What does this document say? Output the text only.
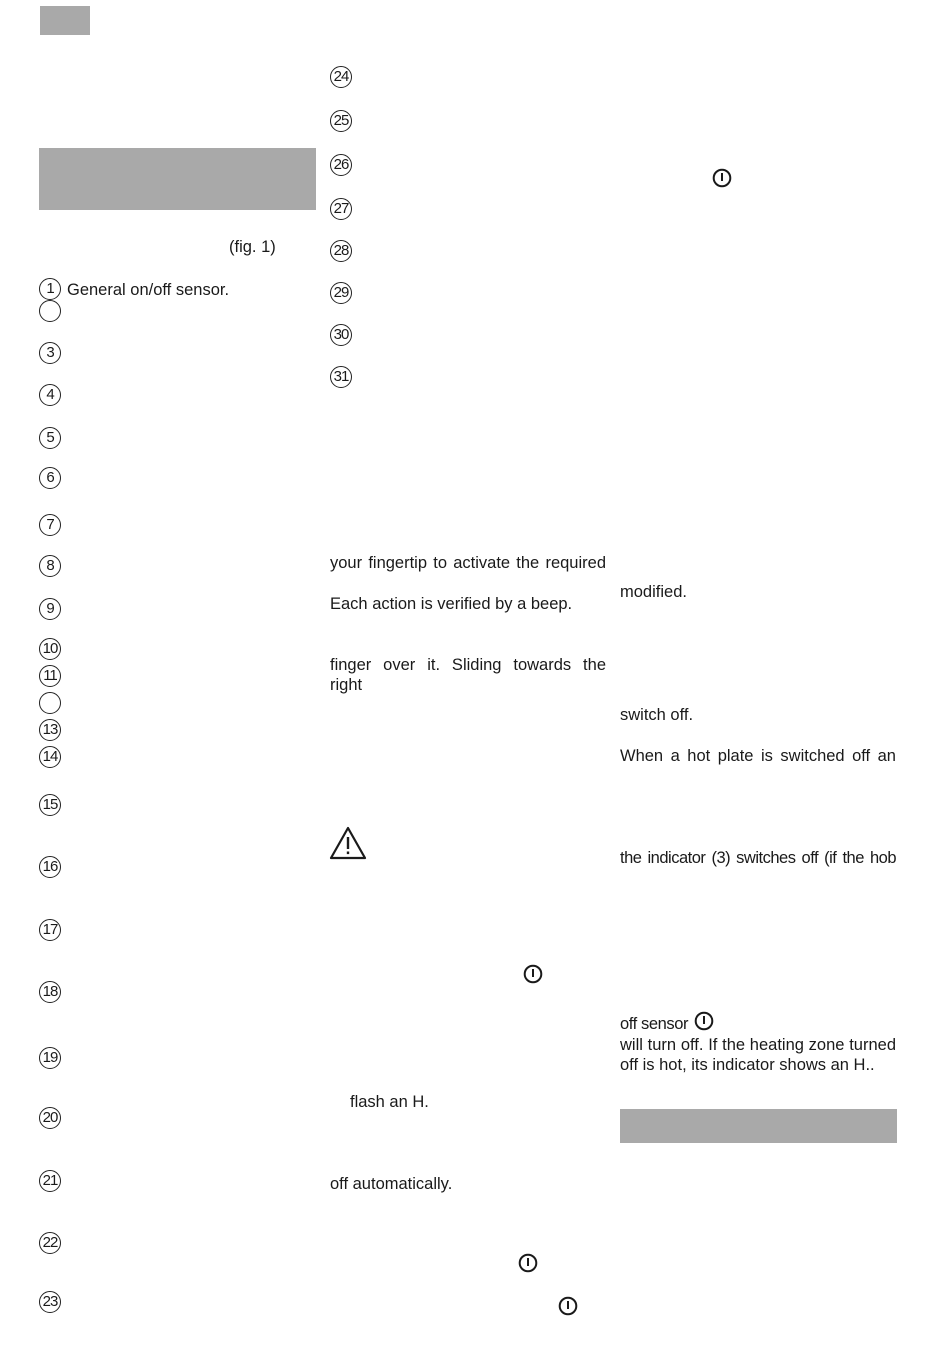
(fig. 1)
1 General on/off sensor.
3
4
5
6
7
8
9
10
11
13
14
15
16
17
18
19
20
21
22
23
24
25
26
27
28
29
30
31
your fingertip to activate the required
Each action is verified by a beep.
finger over it. Sliding towards the right
flash an H.
off automatically.
modified.
switch off.
When a hot plate is switched off an
the indicator (3) switches off (if the hob
off sensor
will turn off. If the heating zone turned
off is hot, its indicator shows an H..
